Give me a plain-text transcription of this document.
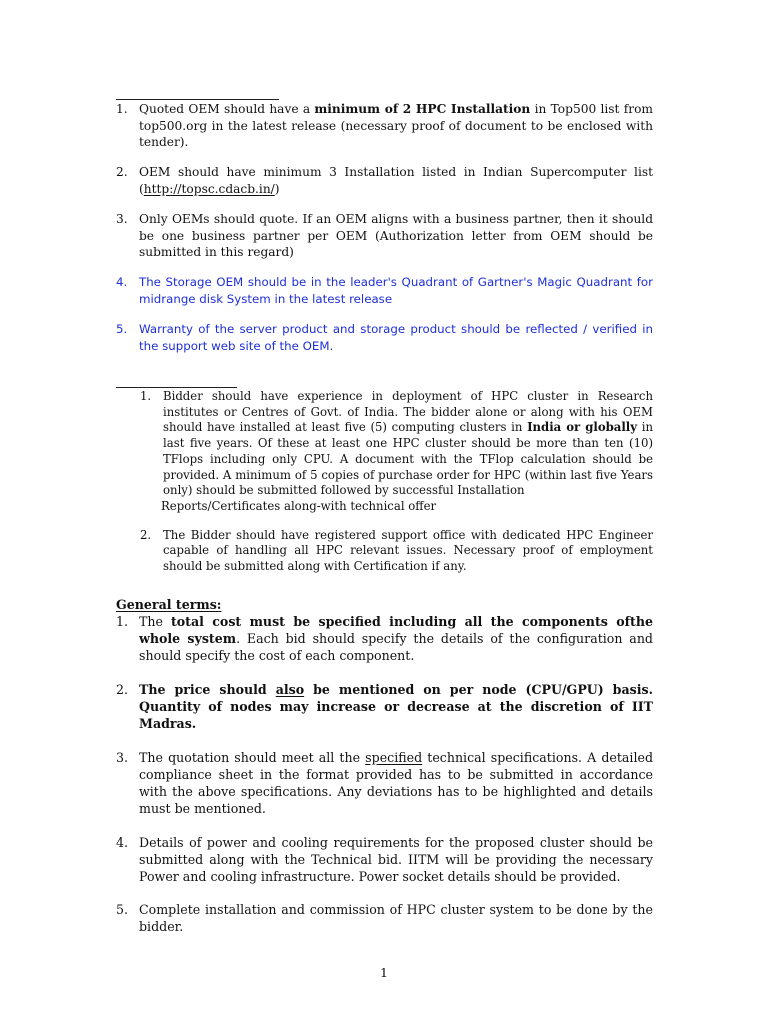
1. Quoted OEM should have a minimum of 2 HPC Installation in Top500 list from top500.org in the latest release (necessary proof of document to be enclosed with tender).
2. OEM should have minimum 3 Installation listed in Indian Supercomputer list (http://topsc.cdacb.in/)
3. Only OEMs should quote. If an OEM aligns with a business partner, then it should be one business partner per OEM (Authorization letter from OEM should be submitted in this regard)
4. The Storage OEM should be in the leader's Quadrant of Gartner's Magic Quadrant for midrange disk System in the latest release
5. Warranty of the server product and storage product should be reflected / verified in the support web site of the OEM.
1. Bidder should have experience in deployment of HPC cluster in Research institutes or Centres of Govt. of India. The bidder alone or along with his OEM should have installed at least five (5) computing clusters in India or globally in last five years. Of these at least one HPC cluster should be more than ten (10) TFlops including only CPU. A document with the TFlop calculation should be provided. A minimum of 5 copies of purchase order for HPC (within last five Years only) should be submitted followed by successful Installation
Reports/Certificates along-with technical offer
2. The Bidder should have registered support office with dedicated HPC Engineer capable of handling all HPC relevant issues. Necessary proof of employment should be submitted along with Certification if any.
General terms:
1. The total cost must be specified including all the components ofthe whole system. Each bid should specify the details of the configuration and should specify the cost of each component.
2. The price should also be mentioned on per node (CPU/GPU) basis. Quantity of nodes may increase or decrease at the discretion of IIT Madras.
3. The quotation should meet all the specified technical specifications. A detailed compliance sheet in the format provided has to be submitted in accordance with the above specifications. Any deviations has to be highlighted and details must be mentioned.
4. Details of power and cooling requirements for the proposed cluster should be submitted along with the Technical bid. IITM will be providing the necessary Power and cooling infrastructure. Power socket details should be provided.
5. Complete installation and commission of HPC cluster system to be done by the bidder.
1
